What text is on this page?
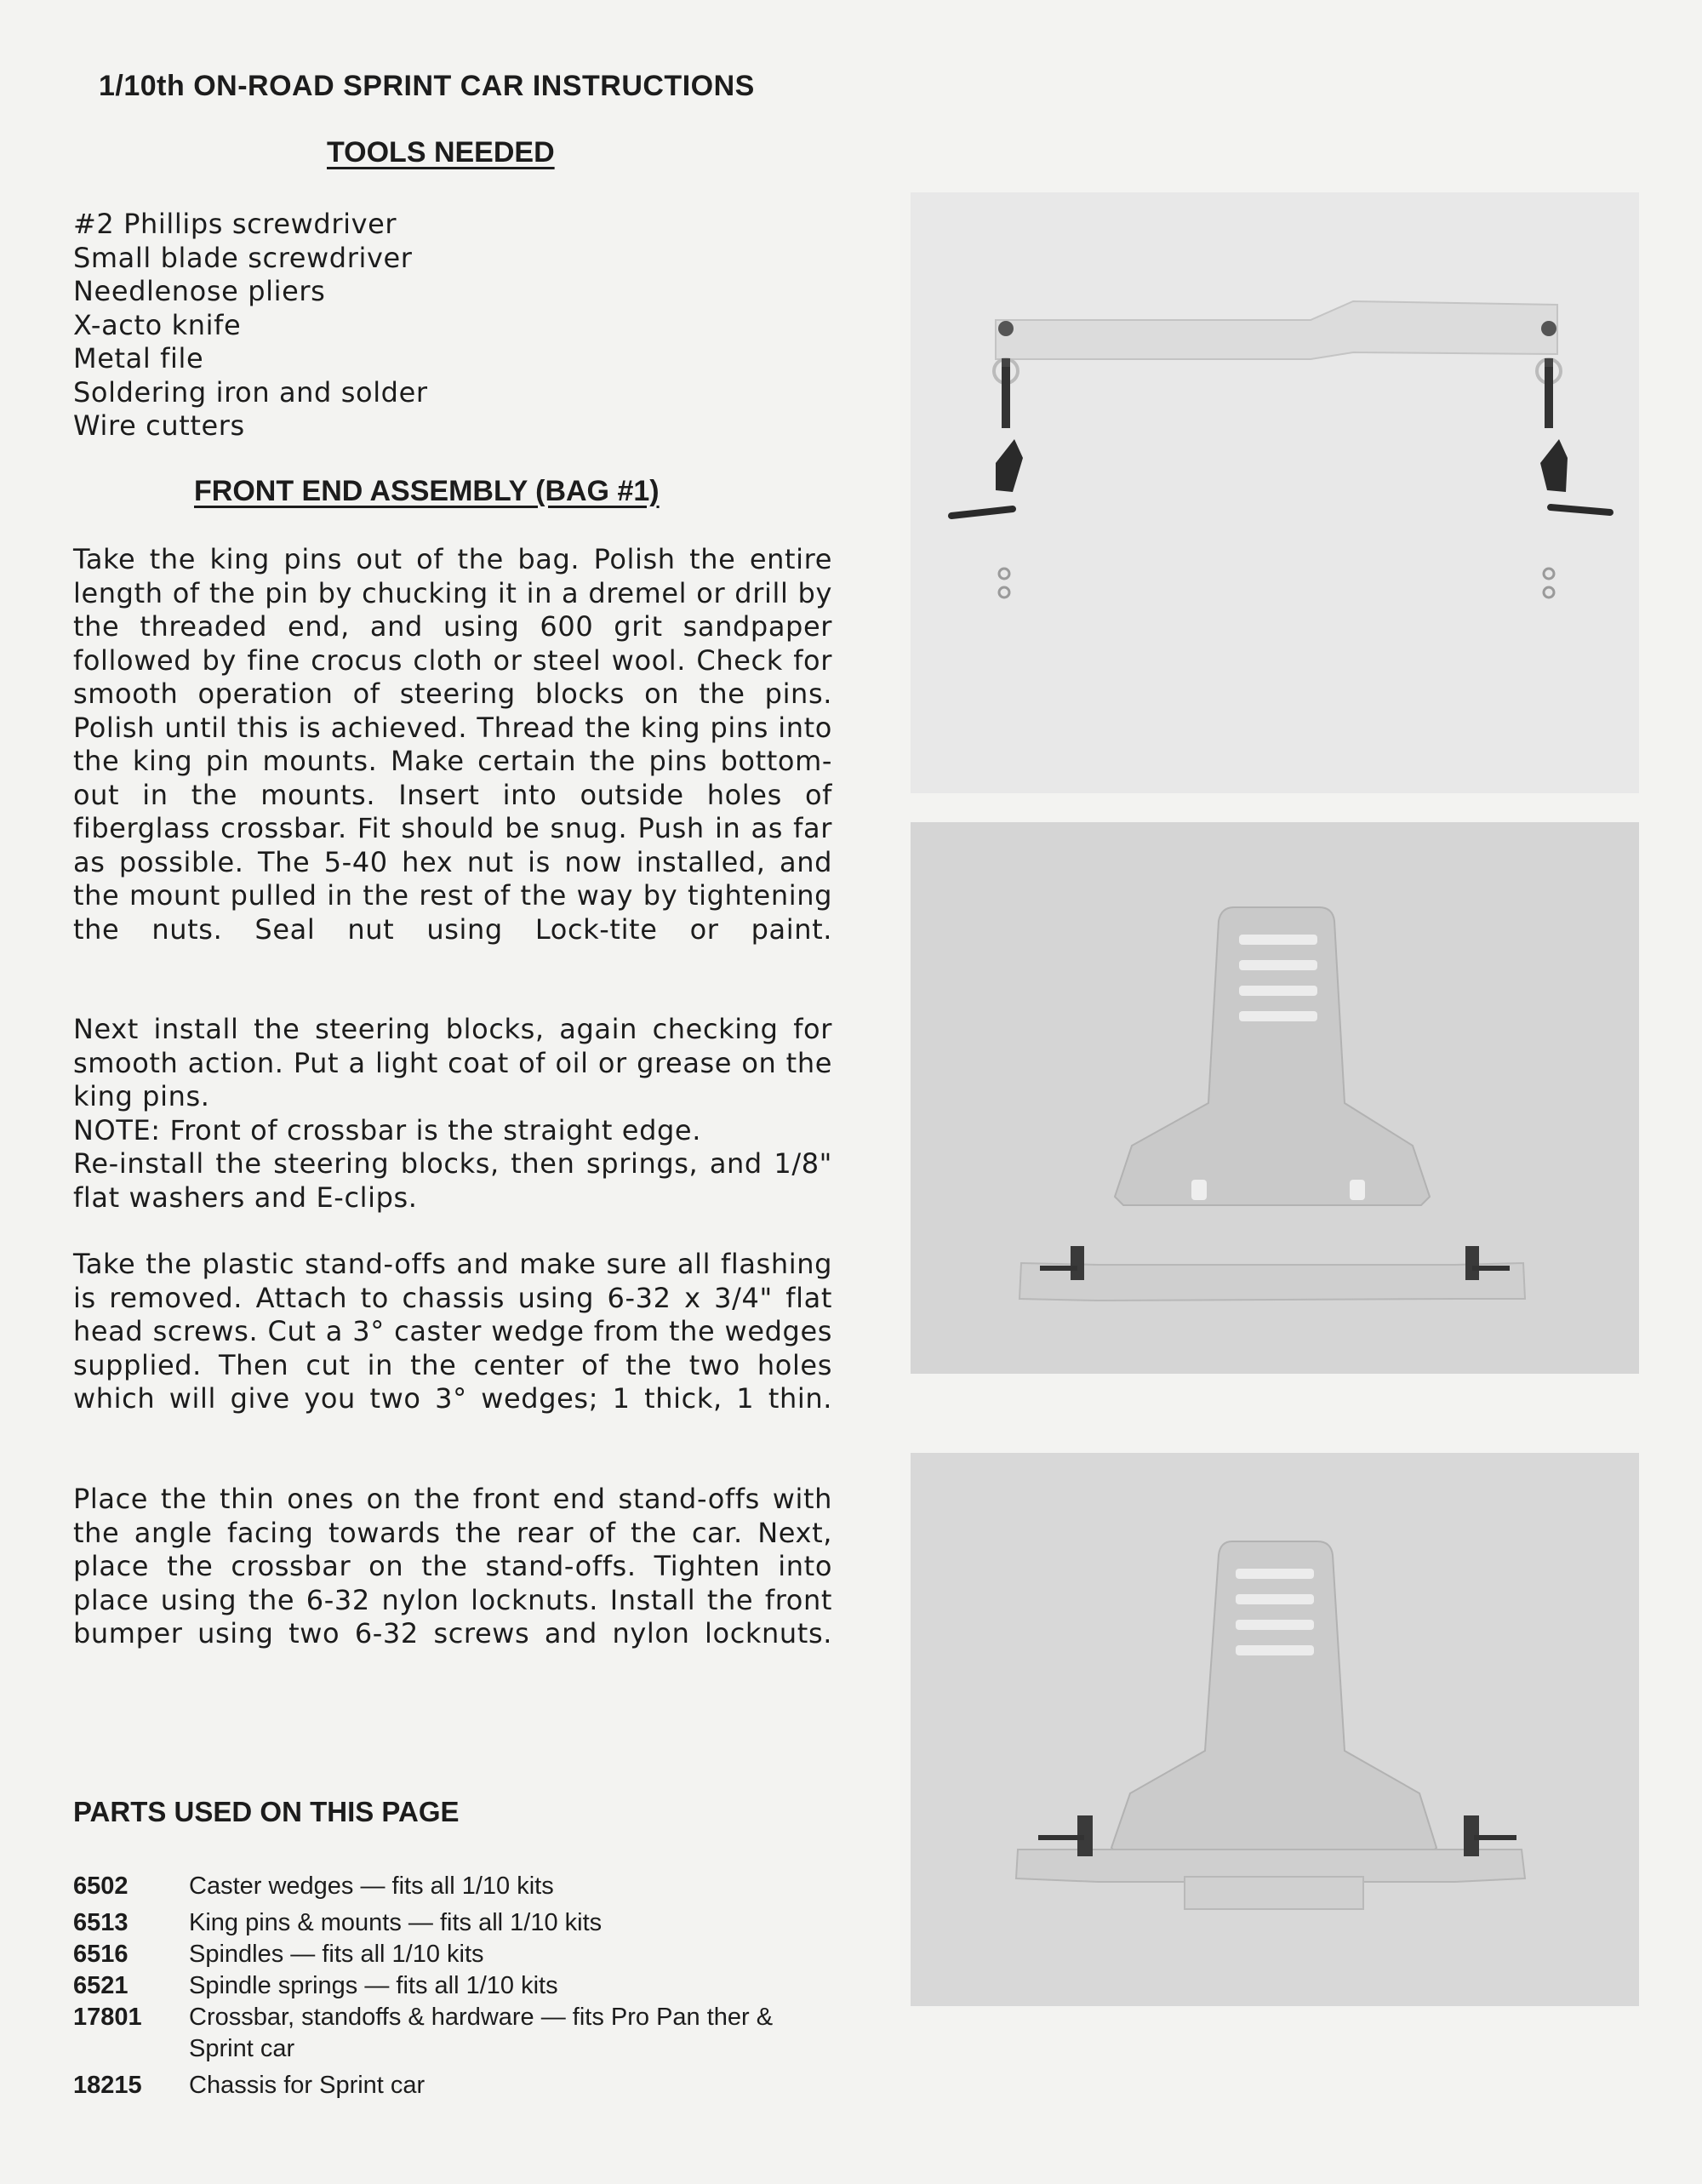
1/10th ON-ROAD SPRINT CAR INSTRUCTIONS
TOOLS NEEDED
#2 Phillips screwdriver
Small blade screwdriver
Needlenose pliers
X-acto knife
Metal file
Soldering iron and solder
Wire cutters
FRONT END ASSEMBLY (BAG #1)

Take the king pins out of the bag. Polish the entire length of the pin by chucking it in a dremel or drill by the threaded end, and using 600 grit sandpaper followed by fine crocus cloth or steel wool. Check for smooth operation of steering blocks on the pins. Polish until this is achieved. Thread the king pins into the king pin mounts. Make certain the pins bottom-out in the mounts. Insert into outside holes of fiberglass crossbar. Fit should be snug. Push in as far as possible. The 5-40 hex nut is now installed, and the mount pulled in the rest of the way by tightening the nuts. Seal nut using Lock-tite or paint.

Next install the steering blocks, again checking for smooth action. Put a light coat of oil or grease on the king pins.
NOTE: Front of crossbar is the straight edge.
Re-install the steering blocks, then springs, and 1/8" flat washers and E-clips.

Take the plastic stand-offs and make sure all flashing is removed. Attach to chassis using 6-32 x 3/4" flat head screws. Cut a 3° caster wedge from the wedges supplied. Then cut in the center of the two holes which will give you two 3° wedges; 1 thick, 1 thin.

Place the thin ones on the front end stand-offs with the angle facing towards the rear of the car. Next, place the crossbar on the stand-offs. Tighten into place using the 6-32 nylon locknuts. Install the front bumper using two 6-32 screws and nylon locknuts.

PARTS USED ON THIS PAGE
6502	Caster wedges — fits all 1/10 kits
6513	King pins & mounts — fits all 1/10 kits
6516	Spindles — fits all 1/10 kits
6521	Spindle springs — fits all 1/10 kits
17801	Crossbar, standoffs & hardware — fits Pro Pan ther & Sprint car
18215	Chassis for Sprint car
